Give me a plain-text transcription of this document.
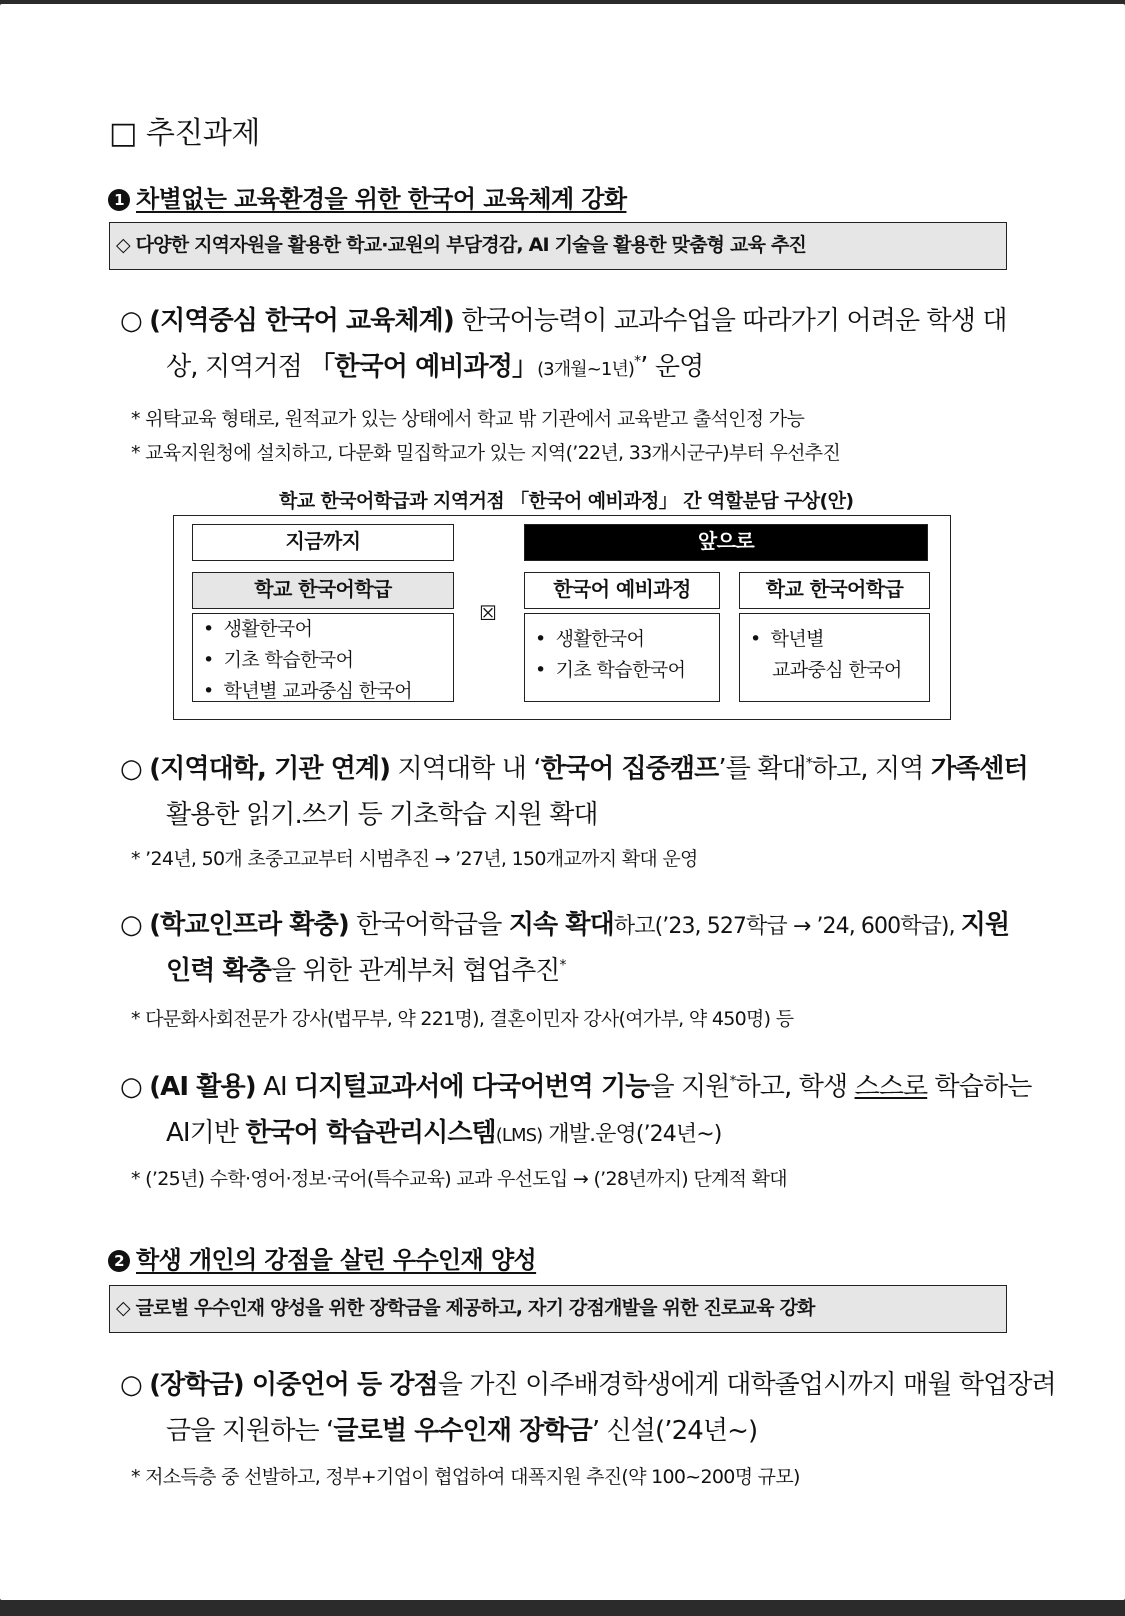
□ 추진과제
1 차별없는 교육환경을 위한 한국어 교육체계 강화
◇ 다양한 지역자원을 활용한 학교·교원의 부담경감, AI 기술을 활용한 맞춤형 교육 추진
○ (지역중심 한국어 교육체계) 한국어능력이 교과수업을 따라가기 어려운 학생 대
상, 지역거점 「한국어 예비과정」(3개월~1년)*’ 운영
* 위탁교육 형태로, 원적교가 있는 상태에서 학교 밖 기관에서 교육받고 출석인정 가능
* 교육지원청에 설치하고, 다문화 밀집학교가 있는 지역(’22년, 33개시군구)부터 우선추진
학교 한국어학급과 지역거점 「한국어 예비과정」 간 역할분담 구상(안)
지금까지	앞으로
학교 한국어학급	한국어 예비과정	학교 한국어학급
☒
• 생활한국어
• 기초 학습한국어
• 학년별 교과중심 한국어
• 생활한국어
• 기초 학습한국어
• 학년별
교과중심 한국어
○ (지역대학, 기관 연계) 지역대학 내 ‘한국어 집중캠프’를 확대*하고, 지역 가족센터
활용한 읽기.쓰기 등 기초학습 지원 확대
* ’24년, 50개 초중고교부터 시범추진 → ’27년, 150개교까지 확대 운영
○ (학교인프라 확충) 한국어학급을 지속 확대하고(’23, 527학급 → ’24, 600학급), 지원
인력 확충을 위한 관계부처 협업추진*
* 다문화사회전문가 강사(법무부, 약 221명), 결혼이민자 강사(여가부, 약 450명) 등
○ (AI 활용) AI 디지털교과서에 다국어번역 기능을 지원*하고, 학생 스스로 학습하는
AI기반 한국어 학습관리시스템(LMS) 개발.운영(’24년~)
* (’25년) 수학·영어·정보·국어(특수교육) 교과 우선도입 → (’28년까지) 단계적 확대
2 학생 개인의 강점을 살린 우수인재 양성
◇ 글로벌 우수인재 양성을 위한 장학금을 제공하고, 자기 강점개발을 위한 진로교육 강화
○ (장학금) 이중언어 등 강점을 가진 이주배경학생에게 대학졸업시까지 매월 학업장려
금을 지원하는 ‘글로벌 우수인재 장학금’ 신설(’24년~)
* 저소득층 중 선발하고, 정부+기업이 협업하여 대폭지원 추진(약 100~200명 규모)
